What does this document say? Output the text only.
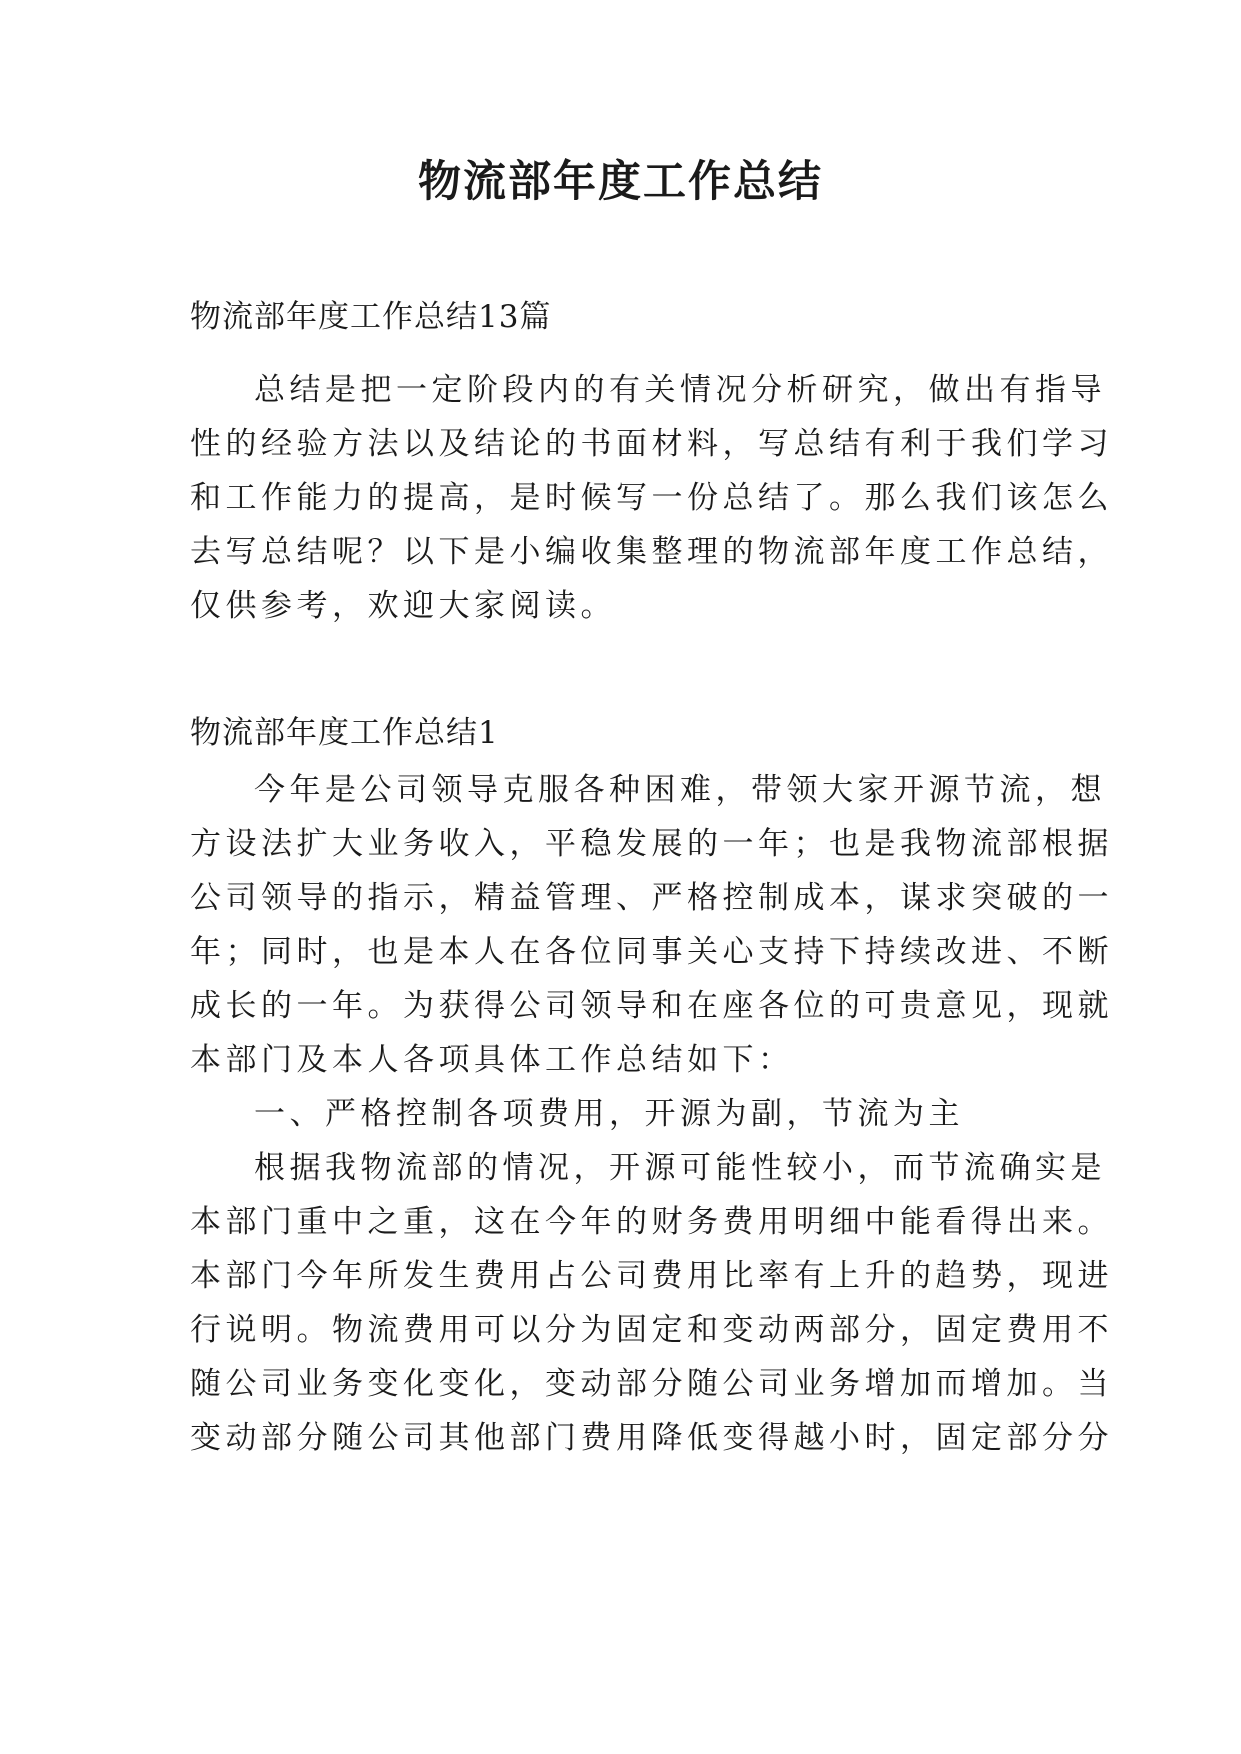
物流部年度工作总结
物流部年度工作总结13篇
总结是把一定阶段内的有关情况分析研究，做出有指导
性的经验方法以及结论的书面材料，写总结有利于我们学习
和工作能力的提高，是时候写一份总结了。那么我们该怎么
去写总结呢？以下是小编收集整理的物流部年度工作总结，
仅供参考，欢迎大家阅读。
物流部年度工作总结1
今年是公司领导克服各种困难，带领大家开源节流，想
方设法扩大业务收入，平稳发展的一年；也是我物流部根据
公司领导的指示，精益管理、严格控制成本，谋求突破的一
年；同时，也是本人在各位同事关心支持下持续改进、不断
成长的一年。为获得公司领导和在座各位的可贵意见，现就
本部门及本人各项具体工作总结如下：
一、严格控制各项费用，开源为副，节流为主
根据我物流部的情况，开源可能性较小，而节流确实是
本部门重中之重，这在今年的财务费用明细中能看得出来。
本部门今年所发生费用占公司费用比率有上升的趋势，现进
行说明。物流费用可以分为固定和变动两部分，固定费用不
随公司业务变化变化，变动部分随公司业务增加而增加。当
变动部分随公司其他部门费用降低变得越小时，固定部分分
